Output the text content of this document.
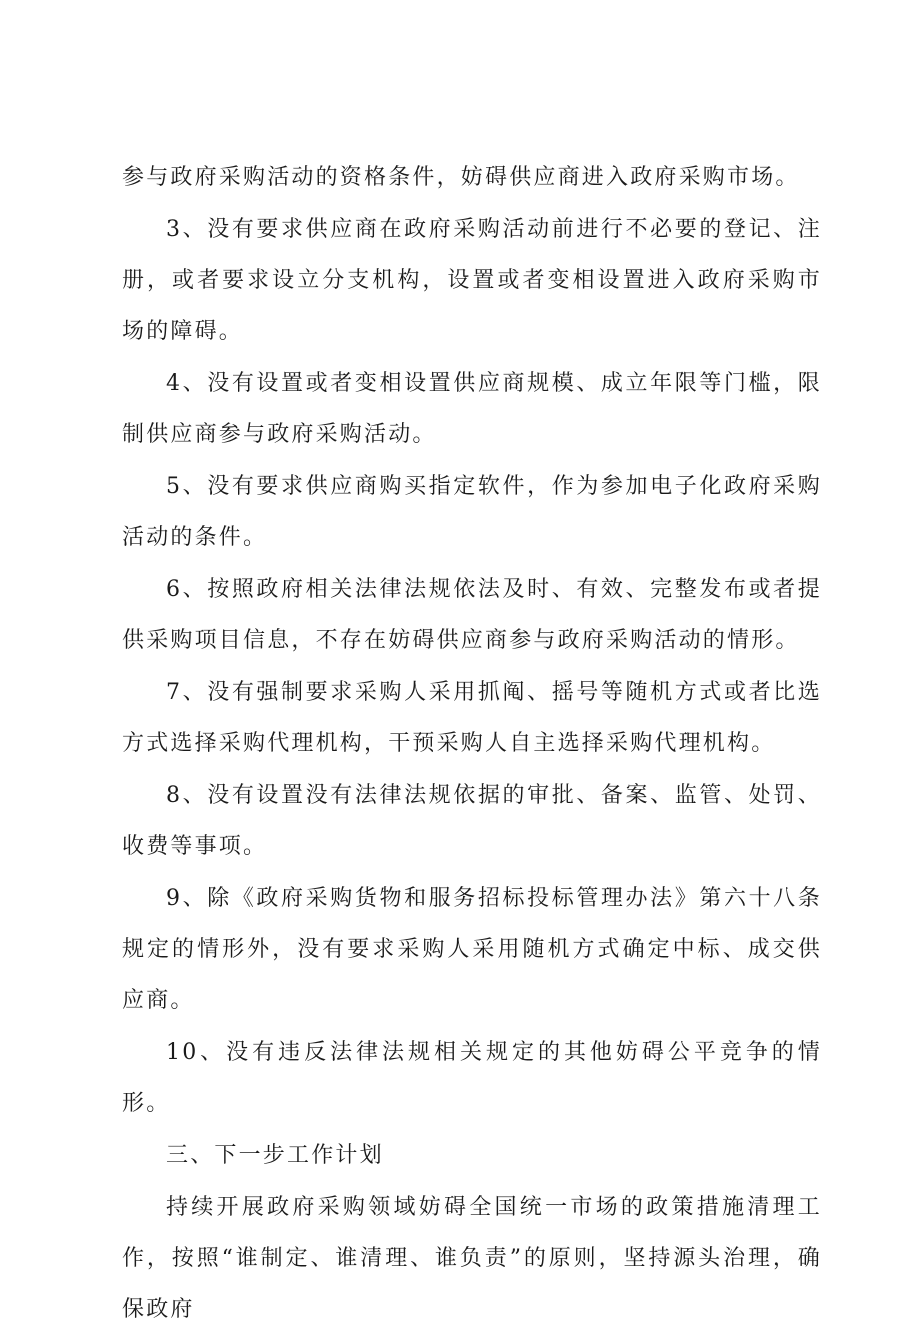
参与政府采购活动的资格条件，妨碍供应商进入政府采购市场。

3、没有要求供应商在政府采购活动前进行不必要的登记、注册，或者要求设立分支机构，设置或者变相设置进入政府采购市场的障碍。

4、没有设置或者变相设置供应商规模、成立年限等门槛，限制供应商参与政府采购活动。

5、没有要求供应商购买指定软件，作为参加电子化政府采购活动的条件。

6、按照政府相关法律法规依法及时、有效、完整发布或者提供采购项目信息，不存在妨碍供应商参与政府采购活动的情形。

7、没有强制要求采购人采用抓阄、摇号等随机方式或者比选方式选择采购代理机构，干预采购人自主选择采购代理机构。

8、没有设置没有法律法规依据的审批、备案、监管、处罚、收费等事项。

9、除《政府采购货物和服务招标投标管理办法》第六十八条规定的情形外，没有要求采购人采用随机方式确定中标、成交供应商。

10、没有违反法律法规相关规定的其他妨碍公平竞争的情形。

三、下一步工作计划

持续开展政府采购领域妨碍全国统一市场的政策措施清理工作，按照“谁制定、谁清理、谁负责”的原则，坚持源头治理，确保政府
